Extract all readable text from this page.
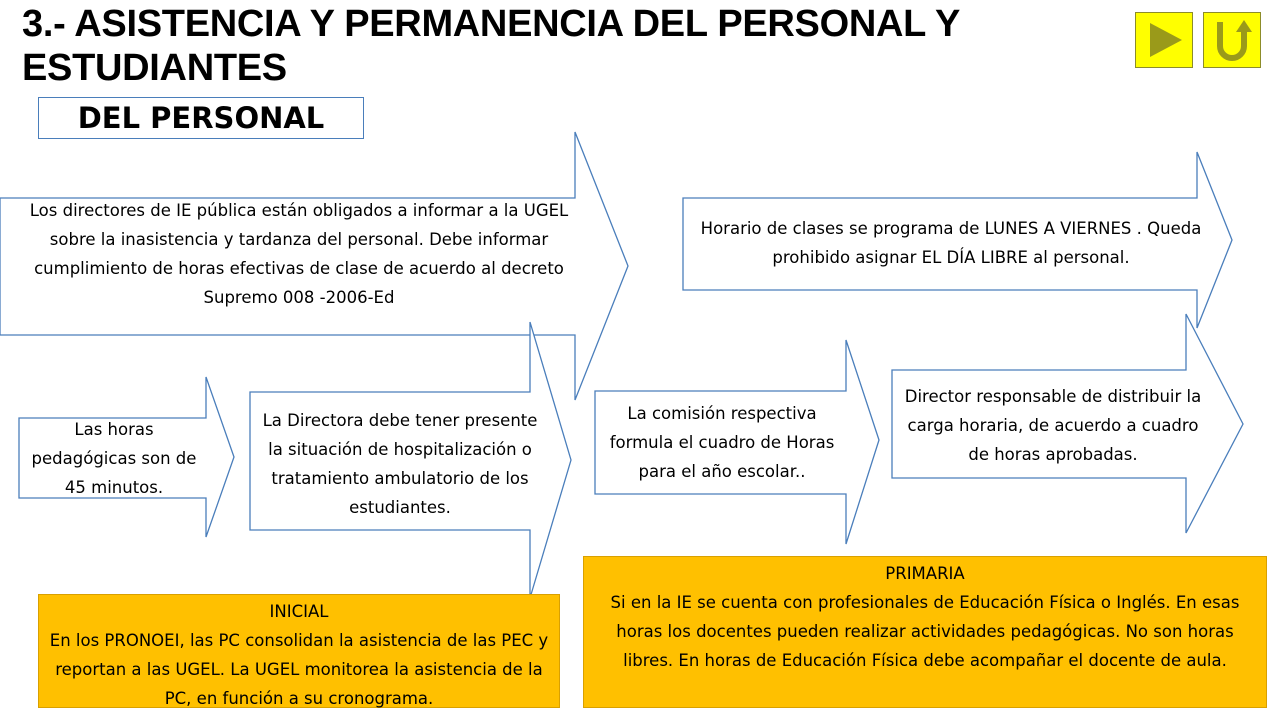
3.- ASISTENCIA Y PERMANENCIA DEL PERSONAL Y ESTUDIANTES
DEL PERSONAL
Los directores de IE pública están obligados a informar a la UGEL sobre la inasistencia y tardanza del personal. Debe informar cumplimiento de horas efectivas de clase de acuerdo al decreto Supremo 008 -2006-Ed
Horario de clases se programa de LUNES A VIERNES . Queda prohibido asignar EL DÍA LIBRE al personal.
Las horas pedagógicas son de 45 minutos.
La Directora debe tener presente la situación de hospitalización o tratamiento ambulatorio de los estudiantes.
La comisión respectiva formula el cuadro de Horas para el año escolar..
Director responsable de distribuir la carga horaria, de acuerdo a cuadro de horas aprobadas.
INICIAL
En los PRONOEI, las PC consolidan la asistencia de las PEC y reportan a las UGEL. La UGEL monitorea la asistencia de la PC, en función a su cronograma.
PRIMARIA
Si en la IE se cuenta con profesionales de Educación Física o Inglés. En esas horas los docentes pueden realizar actividades pedagógicas. No son horas libres. En horas de Educación Física debe acompañar el docente de aula.
